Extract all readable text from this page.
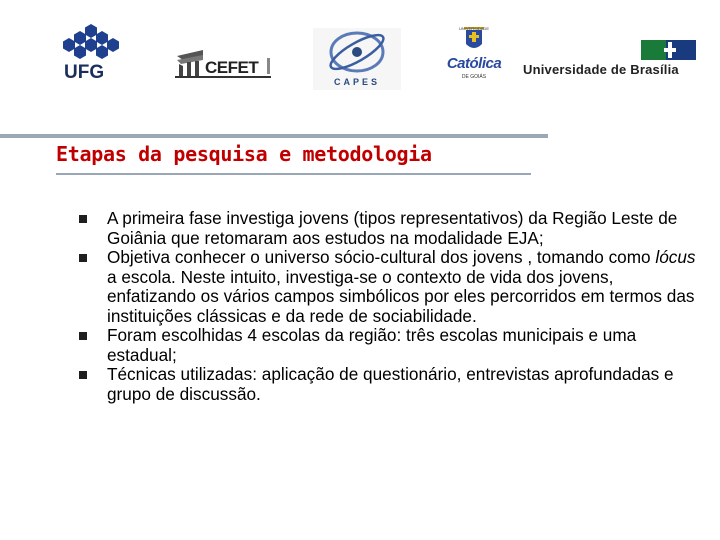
UFG	CEFET
CAPES
UNIVERSIDADE
Católica
DE GOIÁS	Universidade de Brasília
Etapas da pesquisa e metodologia
A primeira fase investiga jovens (tipos representativos) da Região Leste de Goiânia que retomaram aos estudos na modalidade EJA;
Objetiva conhecer o universo sócio-cultural dos jovens , tomando como lócus a escola. Neste intuito, investiga-se o contexto de vida dos jovens, enfatizando os vários campos simbólicos por eles percorridos em termos das instituições clássicas e da rede de sociabilidade.
Foram escolhidas 4 escolas da região: três escolas municipais e uma estadual;
Técnicas utilizadas: aplicação de questionário, entrevistas aprofundadas e grupo de discussão.
